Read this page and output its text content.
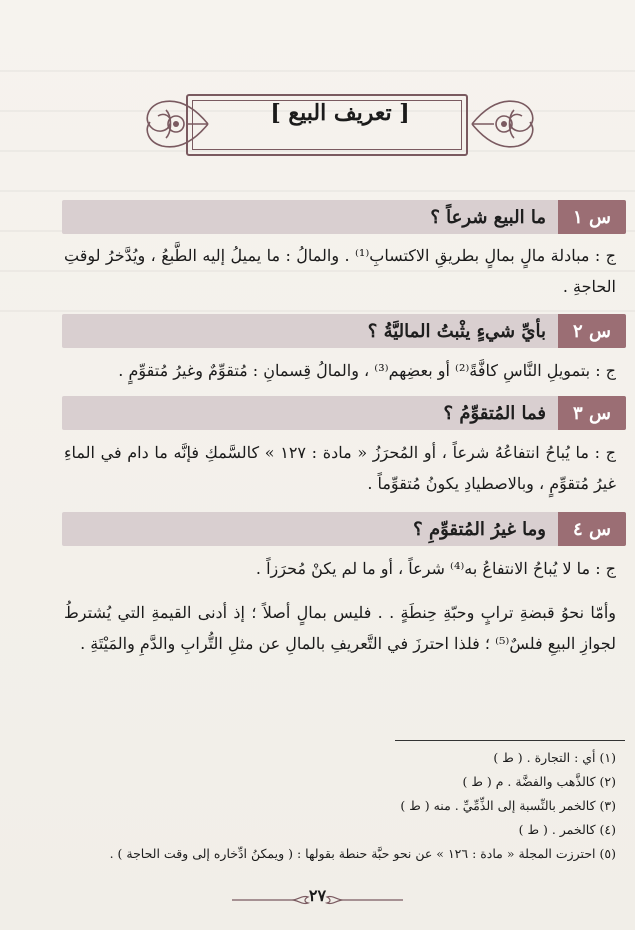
[ تعريف البيع ]
س ١
ما البيع شرعاً ؟

ج : مبادلة مالٍ بمالٍ بطريقِ الاكتسابِ⁽¹⁾ . والمالُ : ما يميلُ إليه الطَّبعُ ، ويُدَّخرُ لوقتِ الحاجةِ .

س ٢
بأيِّ شيءٍ يثْبتُ الماليَّةُ ؟

ج : بتمويلِ النَّاسِ كافَّةً⁽²⁾ أو بعضِهم⁽³⁾ ، والمالُ قِسمانِ : مُتقوِّمٌ وغيرُ مُتقوِّمٍ .

س ٣
فما المُتقوِّمُ ؟

ج : ما يُباحُ انتفاعُهُ شرعاً ، أو المُحرَزُ « مادة : ١٢٧ » كالسَّمكِ فإنَّه ما دام في الماءِ غيرُ مُتقوِّمٍ ، وبالاصطيادِ يكونُ مُتقوِّماً .

س ٤
وما غيرُ المُتقوِّمِ ؟

ج : ما لا يُباحُ الانتفاعُ به⁽⁴⁾ شرعاً ، أو ما لم يكنْ مُحرَزاً .

وأمّا نحوُ قبضةِ ترابٍ وحبّةِ حِنطَةٍ . . فليس بمالٍ أصلاً ؛ إذ أدنى القيمةِ التي يُشترطُ لجوازِ البيعِ فلسٌ⁽⁵⁾ ؛ فلذا احترزَ في التَّعريفِ بالمالِ عن مثلِ التُّرابِ والدَّمِ والمَيْتَةِ .

(١) أي : التجارة . ( ط )
(٢) كالذَّهب والفضَّة . م ( ط )
(٣) كالخمر بالنِّسبة إلى الذِّمِّيِّ . منه ( ط )
(٤) كالخمر . ( ط )
(٥) احترزت المجلة « مادة : ١٢٦ » عن نحو حبَّة حنطة بقولها : ( ويمكنُ ادِّخاره إلى وقت الحاجة ) .
٢٧
